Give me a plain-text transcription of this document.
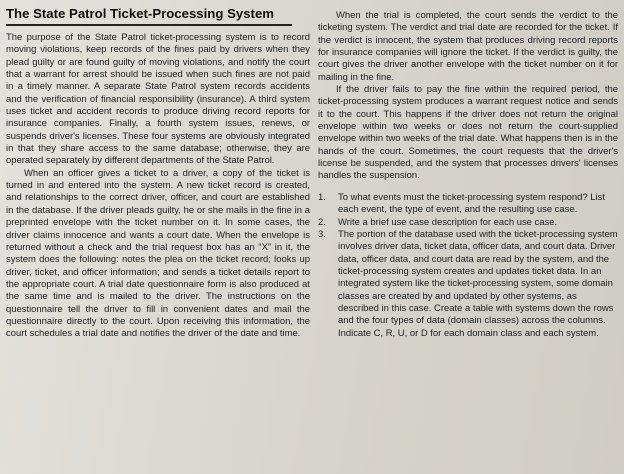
The State Patrol Ticket-Processing System

The purpose of the State Patrol ticket-processing system is to record moving violations, keep records of the fines paid by drivers when they plead guilty or are found guilty of moving violations, and notify the court that a warrant for arrest should be issued when such fines are not paid in a timely manner. A separate State Patrol system records accidents and the verification of financial responsibility (insurance). A third system uses ticket and accident records to produce driving record reports for insurance companies. Finally, a fourth system issues, renews, or suspends driver's licenses. These four systems are obviously integrated in that they share access to the same database; otherwise, they are operated separately by different departments of the State Patrol.

When an officer gives a ticket to a driver, a copy of the ticket is turned in and entered into the system. A new ticket record is created, and relationships to the correct driver, officer, and court are established in the database. If the driver pleads guilty, he or she mails in the fine in a preprinted envelope with the ticket number on it. In some cases, the driver claims innocence and wants a court date. When the envelope is returned without a check and the trial request box has an “X” in it, the system does the following: notes the plea on the ticket record; looks up driver, ticket, and officer information; and sends a ticket details report to the appropriate court. A trial date questionnaire form is also produced at the same time and is mailed to the driver. The instructions on the questionnaire tell the driver to fill in convenient dates and mail the questionnaire directly to the court. Upon receiving this information, the court schedules a trial date and notifies the driver of the date and time.

When the trial is completed, the court sends the verdict to the ticketing system. The verdict and trial date are recorded for the ticket. If the verdict is innocent, the system that produces driving record reports for insurance companies will ignore the ticket. If the verdict is guilty, the court gives the driver another envelope with the ticket number on it for mailing in the fine.

If the driver fails to pay the fine within the required period, the ticket-processing system produces a warrant request notice and sends it to the court. This happens if the driver does not return the original envelope within two weeks or does not return the court-supplied envelope within two weeks of the trial date. What happens then is in the hands of the court. Sometimes, the court requests that the driver's license be suspended, and the system that processes drivers' licenses handles the suspension.

1. To what events must the ticket-processing system respond? List each event, the type of event, and the resulting use case.
2. Write a brief use case description for each use case.
3. The portion of the database used with the ticket-processing system involves driver data, ticket data, officer data, and court data. Driver data, officer data, and court data are read by the system, and the ticket-processing system creates and updates ticket data. In an integrated system like the ticket-processing system, some domain classes are created by and updated by other systems, as described in this case. Create a table with systems down the rows and the four types of data (domain classes) across the columns. Indicate C, R, U, or D for each domain class and each system.
